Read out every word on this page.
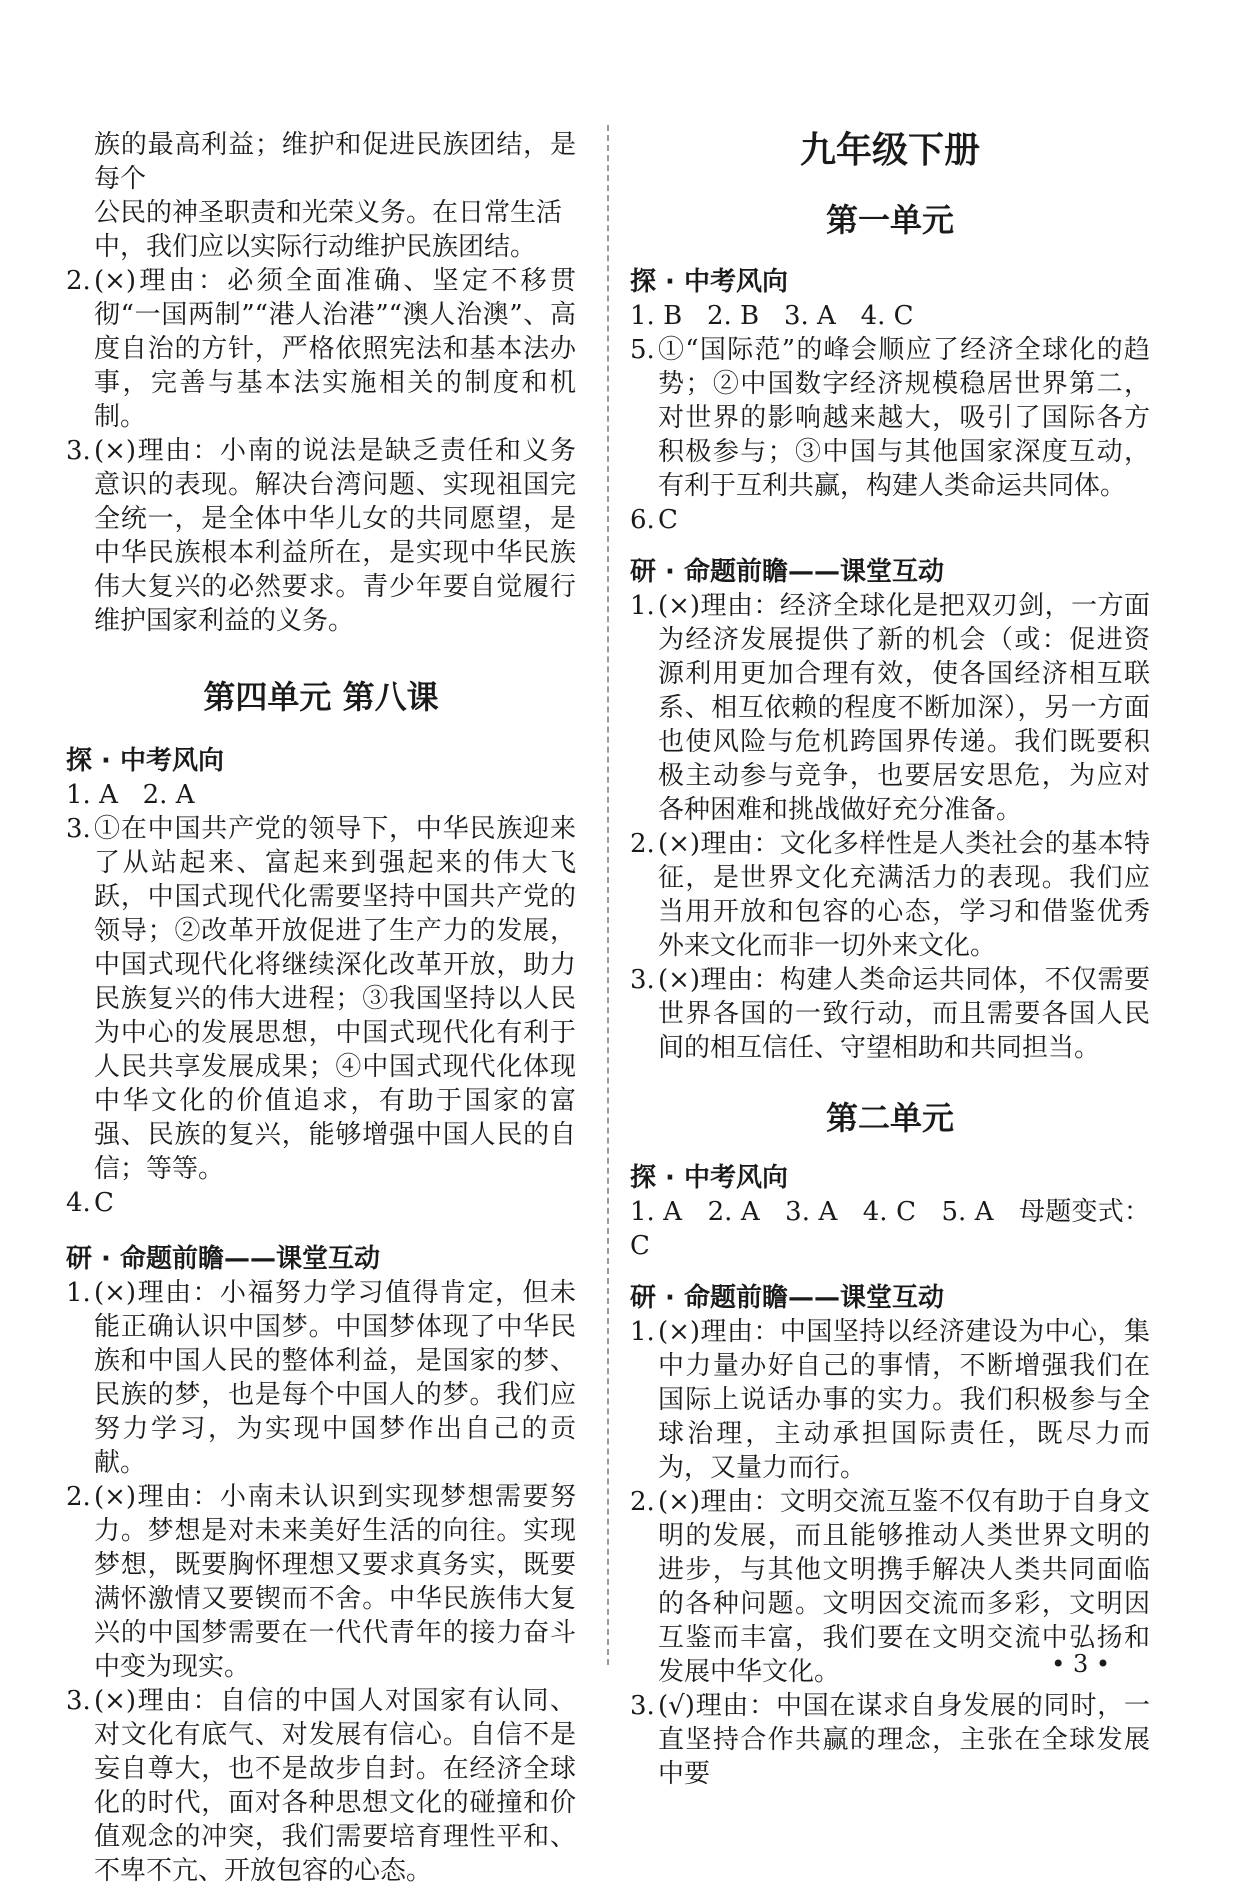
族的最高利益；维护和促进民族团结，是每个

公民的神圣职责和光荣义务。在日常生活

中，我们应以实际行动维护民族团结。

2. (×)理由：必须全面准确、坚定不移贯彻“一国两制”“港人治港”“澳人治澳”、高度自治的方针，严格依照宪法和基本法办事，完善与基本法实施相关的制度和机制。
3. (×)理由：小南的说法是缺乏责任和义务意识的表现。解决台湾问题、实现祖国完全统一，是全体中华儿女的共同愿望，是中华民族根本利益所在，是实现中华民族伟大复兴的必然要求。青少年要自觉履行维护国家利益的义务。
第四单元 第八课
探 · 中考风向

1. A   2. A

3. ①在中国共产党的领导下，中华民族迎来了从站起来、富起来到强起来的伟大飞跃，中国式现代化需要坚持中国共产党的领导；②改革开放促进了生产力的发展，中国式现代化将继续深化改革开放，助力民族复兴的伟大进程；③我国坚持以人民为中心的发展思想，中国式现代化有利于人民共享发展成果；④中国式现代化体现中华文化的价值追求，有助于国家的富强、民族的复兴，能够增强中国人民的自信；等等。
4. C
研 · 命题前瞻——课堂互动
1. (×)理由：小福努力学习值得肯定，但未能正确认识中国梦。中国梦体现了中华民族和中国人民的整体利益，是国家的梦、民族的梦，也是每个中国人的梦。我们应努力学习，为实现中国梦作出自己的贡献。
2. (×)理由：小南未认识到实现梦想需要努力。梦想是对未来美好生活的向往。实现梦想，既要胸怀理想又要求真务实，既要满怀激情又要锲而不舍。中华民族伟大复兴的中国梦需要在一代代青年的接力奋斗中变为现实。
3. (×)理由：自信的中国人对国家有认同、对文化有底气、对发展有信心。自信不是妄自尊大，也不是故步自封。在经济全球化的时代，面对各种思想文化的碰撞和价值观念的冲突，我们需要培育理性平和、不卑不亢、开放包容的心态。
九年级下册
第一单元
探 · 中考风向

1. B   2. B   3. A   4. C

5. ①“国际范”的峰会顺应了经济全球化的趋势；②中国数字经济规模稳居世界第二，对世界的影响越来越大，吸引了国际各方积极参与；③中国与其他国家深度互动，有利于互利共赢，构建人类命运共同体。
6. C
研 · 命题前瞻——课堂互动
1. (×)理由：经济全球化是把双刃剑，一方面为经济发展提供了新的机会（或：促进资源利用更加合理有效，使各国经济相互联系、相互依赖的程度不断加深），另一方面也使风险与危机跨国界传递。我们既要积极主动参与竞争，也要居安思危，为应对各种困难和挑战做好充分准备。
2. (×)理由：文化多样性是人类社会的基本特征，是世界文化充满活力的表现。我们应当用开放和包容的心态，学习和借鉴优秀外来文化而非一切外来文化。
3. (×)理由：构建人类命运共同体，不仅需要世界各国的一致行动，而且需要各国人民间的相互信任、守望相助和共同担当。
第二单元
探 · 中考风向

1. A   2. A   3. A   4. C   5. A   母题变式：C

研 · 命题前瞻——课堂互动
1. (×)理由：中国坚持以经济建设为中心，集中力量办好自己的事情，不断增强我们在国际上说话办事的实力。我们积极参与全球治理，主动承担国际责任，既尽力而为，又量力而行。
2. (×)理由：文明交流互鉴不仅有助于自身文明的发展，而且能够推动人类世界文明的进步，与其他文明携手解决人类共同面临的各种问题。文明因交流而多彩，文明因互鉴而丰富，我们要在文明交流中弘扬和发展中华文化。
3. (√)理由：中国在谋求自身发展的同时，一直坚持合作共赢的理念，主张在全球发展中要
• 3 •
